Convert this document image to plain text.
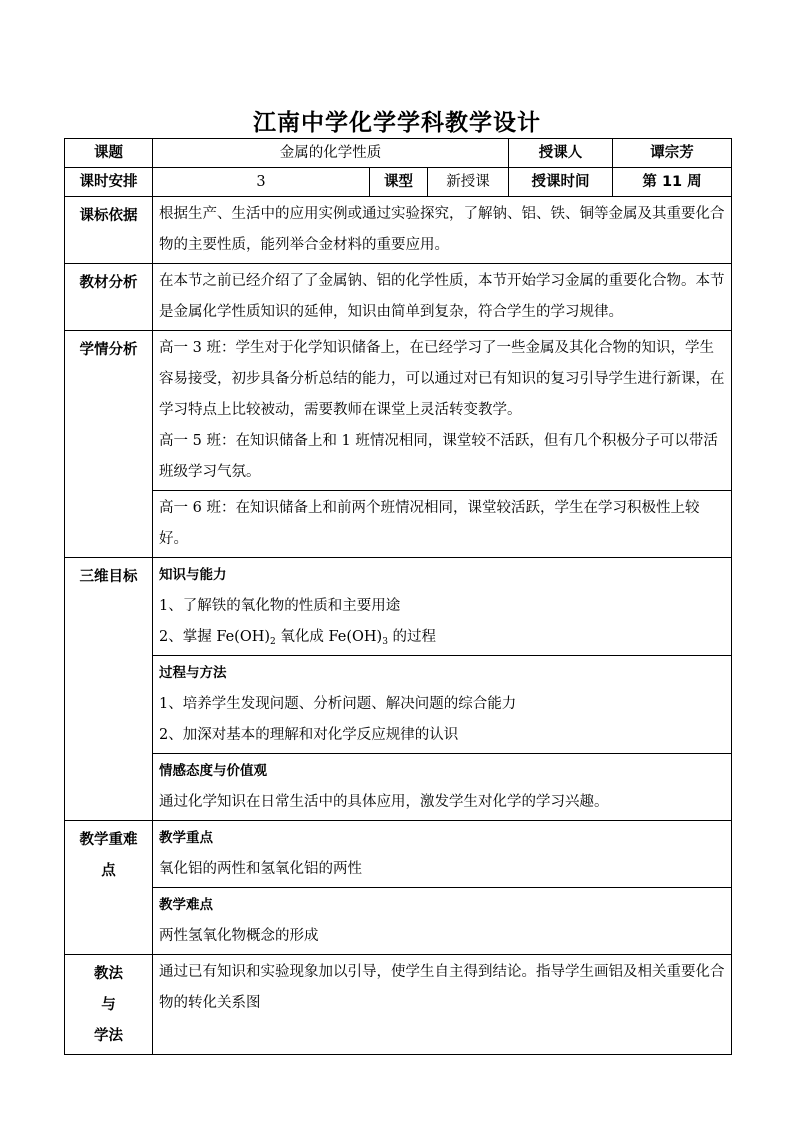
江南中学化学学科教学设计
课题	金属的化学性质			授课人	谭宗芳
课时安排	3	课型	新授课	授课时间	第 11 周
课标依据	根据生产、生活中的应用实例或通过实验探究，了解钠、铝、铁、铜等金属及其重要化合物的主要性质，能列举合金材料的重要应用。				
教材分析	在本节之前已经介绍了了金属钠、铝的化学性质，本节开始学习金属的重要化合物。本节是金属化学性质知识的延伸，知识由简单到复杂，符合学生的学习规律。				
学情分析	高一 3 班：学生对于化学知识储备上，在已经学习了一些金属及其化合物的知识，学生容易接受，初步具备分析总结的能力，可以通过对已有知识的复习引导学生进行新课，在学习特点上比较被动，需要教师在课堂上灵活转变教学。
高一 5 班：在知识储备上和 1 班情况相同，课堂较不活跃，但有几个积极分子可以带活班级学习气氛。				

	高一 6 班：在知识储备上和前两个班情况相同，课堂较活跃，学生在学习积极性上较好。				
三维目标	知识与能力
1、了解铁的氧化物的性质和主要用途
2、掌握 $Fe(OH)_2$ 氧化成 $Fe(OH)_3$ 的过程				

	过程与方法
1、培养学生发现问题、分析问题、解决问题的综合能力
2、加深对基本的理解和对化学反应规律的认识				

	情感态度与价值观
通过化学知识在日常生活中的具体应用，激发学生对化学的学习兴趣。				

教学重难
点	教学重点
氧化铝的两性和氢氧化铝的两性				

	教学难点
两性氢氧化物概念的形成				

教法
与
学法	通过已有知识和实验现象加以引导，使学生自主得到结论。指导学生画铝及相关重要化合物的转化关系图				
